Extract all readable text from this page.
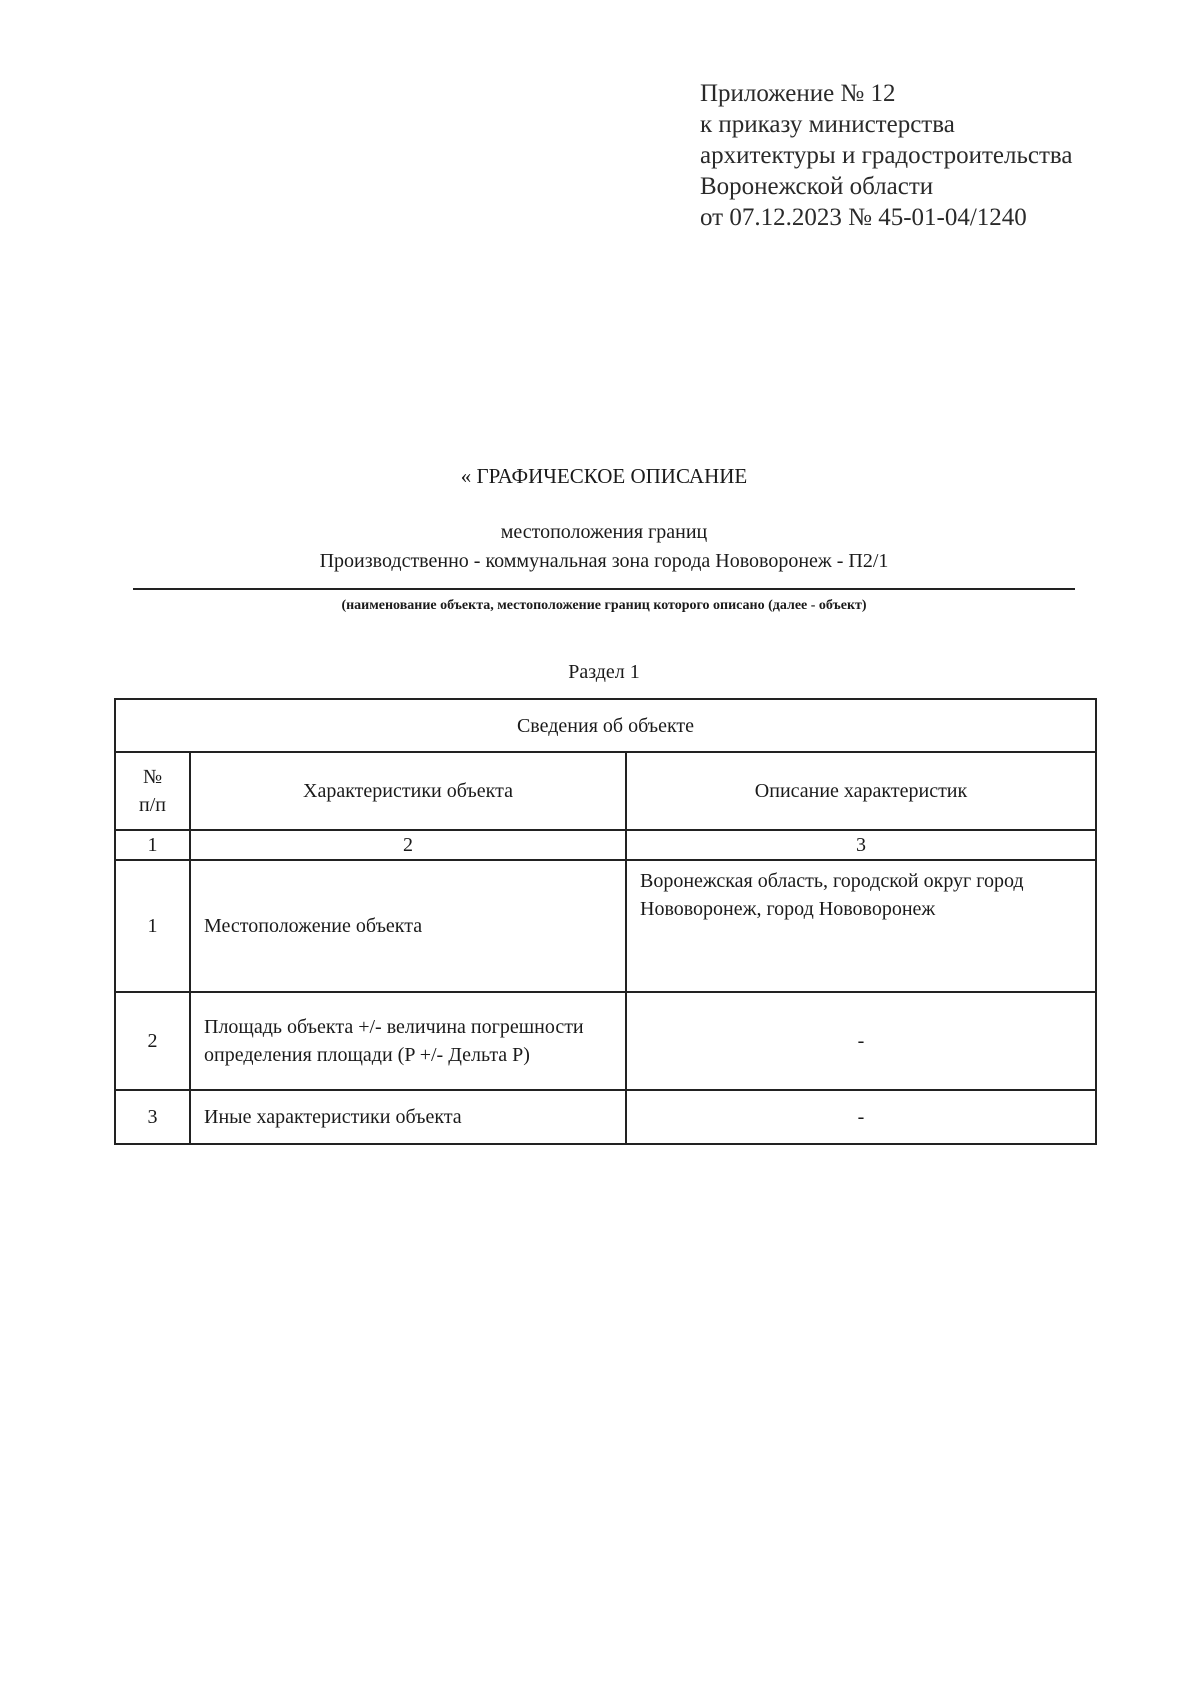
Приложение № 12
к приказу министерства
архитектуры и градостроительства
Воронежской области
от 07.12.2023 № 45-01-04/1240
« ГРАФИЧЕСКОЕ ОПИСАНИЕ
местоположения границ
Производственно - коммунальная зона города Нововоронеж - П2/1
(наименование объекта, местоположение границ которого описано (далее - объект)
Раздел 1
Сведения об объекте		
№ п/п	Характеристики объекта	Описание характеристик
1	2	3
1	Местоположение объекта	Воронежская область, городской округ город Нововоронеж, город Нововоронеж
2	Площадь объекта +/- величина погрешности определения площади (P +/- Дельта P)	-
3	Иные характеристики объекта	-
